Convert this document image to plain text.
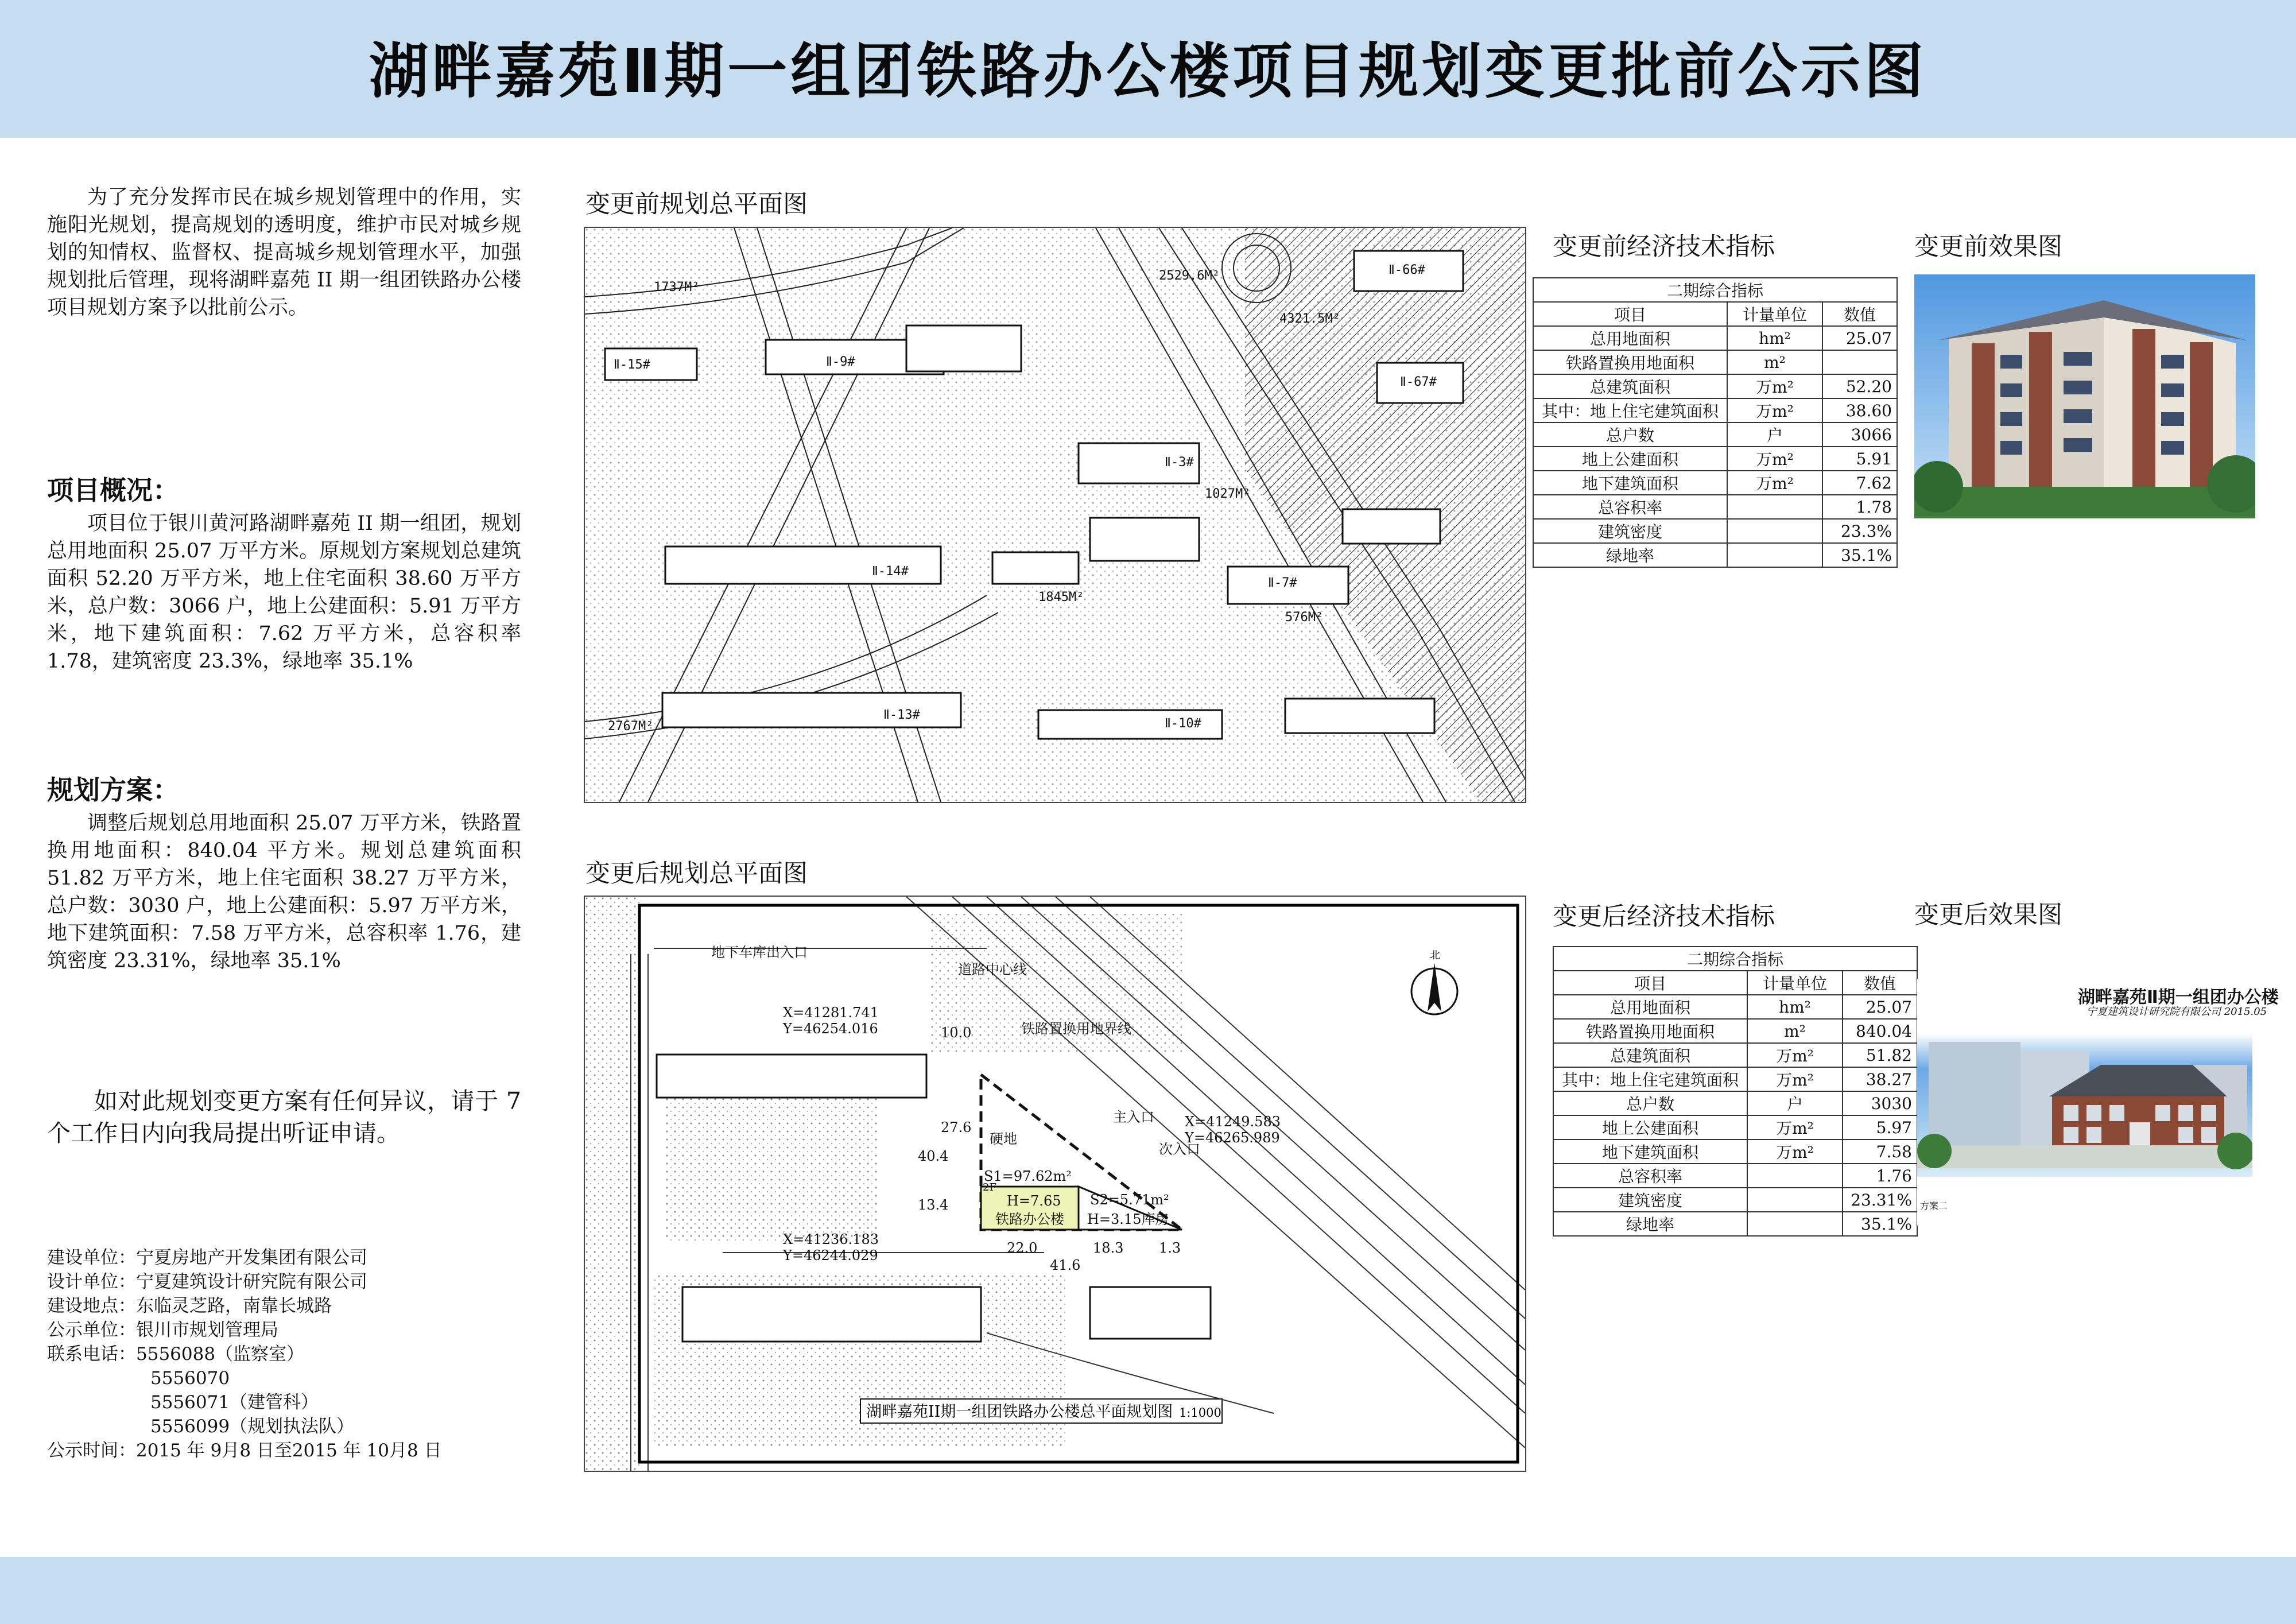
湖畔嘉苑Ⅱ期一组团铁路办公楼项目规划变更批前公示图

为了充分发挥市民在城乡规划管理中的作用，实施阳光规划，提高规划的透明度，维护市民对城乡规划的知情权、监督权、提高城乡规划管理水平，加强规划批后管理，现将湖畔嘉苑 II 期一组团铁路办公楼项目规划方案予以批前公示。

项目概况：

项目位于银川黄河路湖畔嘉苑 II 期一组团，规划总用地面积 25.07 万平方米。原规划方案规划总建筑面积 52.20 万平方米，地上住宅面积 38.60 万平方米，总户数：3066 户，地上公建面积：5.91 万平方米，地下建筑面积：7.62 万平方米，总容积率 1.78，建筑密度 23.3%，绿地率 35.1%

规划方案：

调整后规划总用地面积 25.07 万平方米，铁路置换用地面积：840.04 平方米。规划总建筑面积 51.82 万平方米，地上住宅面积 38.27 万平方米，总户数：3030 户，地上公建面积：5.97 万平方米，地下建筑面积：7.58 万平方米，总容积率 1.76，建筑密度 23.31%，绿地率 35.1%

如对此规划变更方案有任何异议，请于 7 个工作日内向我局提出听证申请。

建设单位：宁夏房地产开发集团有限公司
设计单位：宁夏建筑设计研究院有限公司
建设地点：东临灵芝路，南靠长城路
公示单位：银川市规划管理局
联系电话：5556088（监察室）
5556070
5556071（建管科）
5556099（规划执法队）
公示时间：2015 年 9月8 日至2015 年 10月8 日
变更前规划总平面图
变更后规划总平面图
变更前经济技术指标
变更后经济技术指标
变更前效果图
变更后效果图
4321.5M²
2529.6M²
Ⅱ-15#	Ⅱ-9#
Ⅱ-14#
Ⅱ-13#
Ⅱ-3#
Ⅱ-7#
Ⅱ-10#
Ⅱ-66#
Ⅱ-67#
1845M²
1027M²
576M²
1737M²
2767M²
北
地下车库出入口
道路中心线
铁路置换用地界线
主入口
次入口
X=41281.741
Y=46254.016
X=41249.583
Y=46265.989
X=41236.183
Y=46244.029
硬地
S1=97.62m²
S2=5.71m²
H=7.65
铁路办公楼 H=3.15库房
2F
22.0	18.3
41.6
1.3
10.0
27.6
40.4
13.4
湖畔嘉苑II期一组团铁路办公楼总平面规划图 1:1000
二期综合指标		
项目	计量单位	数值
总用地面积	hm²	25.07
铁路置换用地面积	m²	
总建筑面积	万m²	52.20
其中：地上住宅建筑面积	万m²	38.60
总户数	户	3066
地上公建面积	万m²	5.91
地下建筑面积	万m²	7.62
总容积率		1.78
建筑密度		23.3%
绿地率		35.1%
二期综合指标		
项目	计量单位	数值
总用地面积	hm²	25.07
铁路置换用地面积	m²	840.04
总建筑面积	万m²	51.82
其中：地上住宅建筑面积	万m²	38.27
总户数	户	3030
地上公建面积	万m²	5.97
地下建筑面积	万m²	7.58
总容积率		1.76
建筑密度		23.31%
绿地率		35.1%
湖畔嘉苑Ⅱ期一组团办公楼
宁夏建筑设计研究院有限公司 2015.05
方案二
